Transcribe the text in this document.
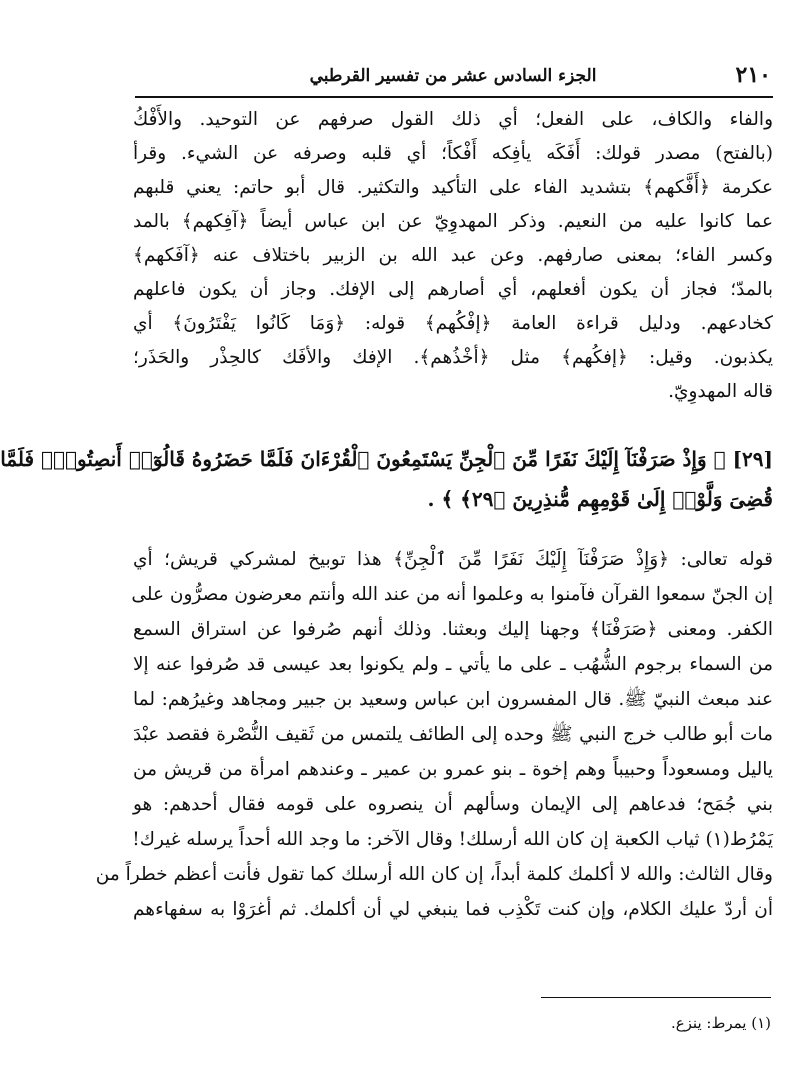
٢١٠
الجزء السادس عشر من تفسير القرطبي
والفاء والكاف، على الفعل؛ أي ذلك القول صرفهم عن التوحيد. والأَفْكُ
(بالفتح) مصدر قولك: أَفَكَه يأفِكه أَفْكاً؛ أي قلبه وصرفه عن الشيء. وقرأ
عكرمة ﴿أَفَّكهم﴾ بتشديد الفاء على التأكيد والتكثير. قال أبو حاتم: يعني قلبهم
عما كانوا عليه من النعيم. وذكر المهدوِيّ عن ابن عباس أيضاً ﴿آفِكهم﴾ بالمد
وكسر الفاء؛ بمعنى صارفهم. وعن عبد الله بن الزبير باختلاف عنه ﴿آفَكهم﴾
بالمدّ؛ فجاز أن يكون أفعلهم، أي أصارهم إلى الإفك. وجاز أن يكون فاعلهم
كخادعهم. ودليل قراءة العامة ﴿إفْكُهم﴾ قوله: ﴿وَمَا كَانُوا يَفْتَرُونَ﴾ أي
يكذبون. وقيل: ﴿إفكُهم﴾ مثل ﴿أخْذُهم﴾. الإفك والأفَك كالحِذْر والحَذَر؛
قاله المهدوِيّ.
[٢٩] ﴿ وَإِذْ صَرَفْنَآ إِلَيْكَ نَفَرًا مِّنَ ٱلْجِنِّ يَسْتَمِعُونَ ٱلْقُرْءَانَ فَلَمَّا حَضَرُوهُ قَالُوٓا۟ أَنصِتُوا۟ۖ فَلَمَّا
قُضِىَ وَلَّوْا۟ إِلَىٰ قَوْمِهِم مُّنذِرِينَ ﴿٢٩﴾ ﴾ .
قوله تعالى: ﴿وَإِذْ صَرَفْنَآ إِلَيْكَ نَفَرًا مِّنَ ٱلْجِنِّ﴾ هذا توبيخ لمشركي قريش؛ أي
إن الجنّ سمعوا القرآن فآمنوا به وعلموا أنه من عند الله وأنتم معرضون مصرُّون على
الكفر. ومعنى ﴿صَرَفْنَا﴾ وجهنا إليك وبعثنا. وذلك أنهم صُرفوا عن استراق السمع
من السماء برجوم الشُّهُب ـ على ما يأتي ـ ولم يكونوا بعد عيسى قد صُرفوا عنه إلا
عند مبعث النبيّ ﷺ. قال المفسرون ابن عباس وسعيد بن جبير ومجاهد وغيرُهم: لما
مات أبو طالب خرج النبي ﷺ وحده إلى الطائف يلتمس من ثَقيف النُّصْرة فقصد عبْدَ
ياليل ومسعوداً وحبيباً وهم إخوة ـ بنو عمرو بن عمير ـ وعندهم امرأة من قريش من
بني جُمَح؛ فدعاهم إلى الإيمان وسألهم أن ينصروه على قومه فقال أحدهم: هو
يَمْرُط(١) ثياب الكعبة إن كان الله أرسلك! وقال الآخر: ما وجد الله أحداً يرسله غيرك!
وقال الثالث: والله لا أكلمك كلمة أبداً، إن كان الله أرسلك كما تقول فأنت أعظم خطراً من
أن أردّ عليك الكلام، وإن كنت تَكْذِب فما ينبغي لي أن أكلمك. ثم أغرَوْا به سفهاءهم
(١) يمرط: ينزع.
